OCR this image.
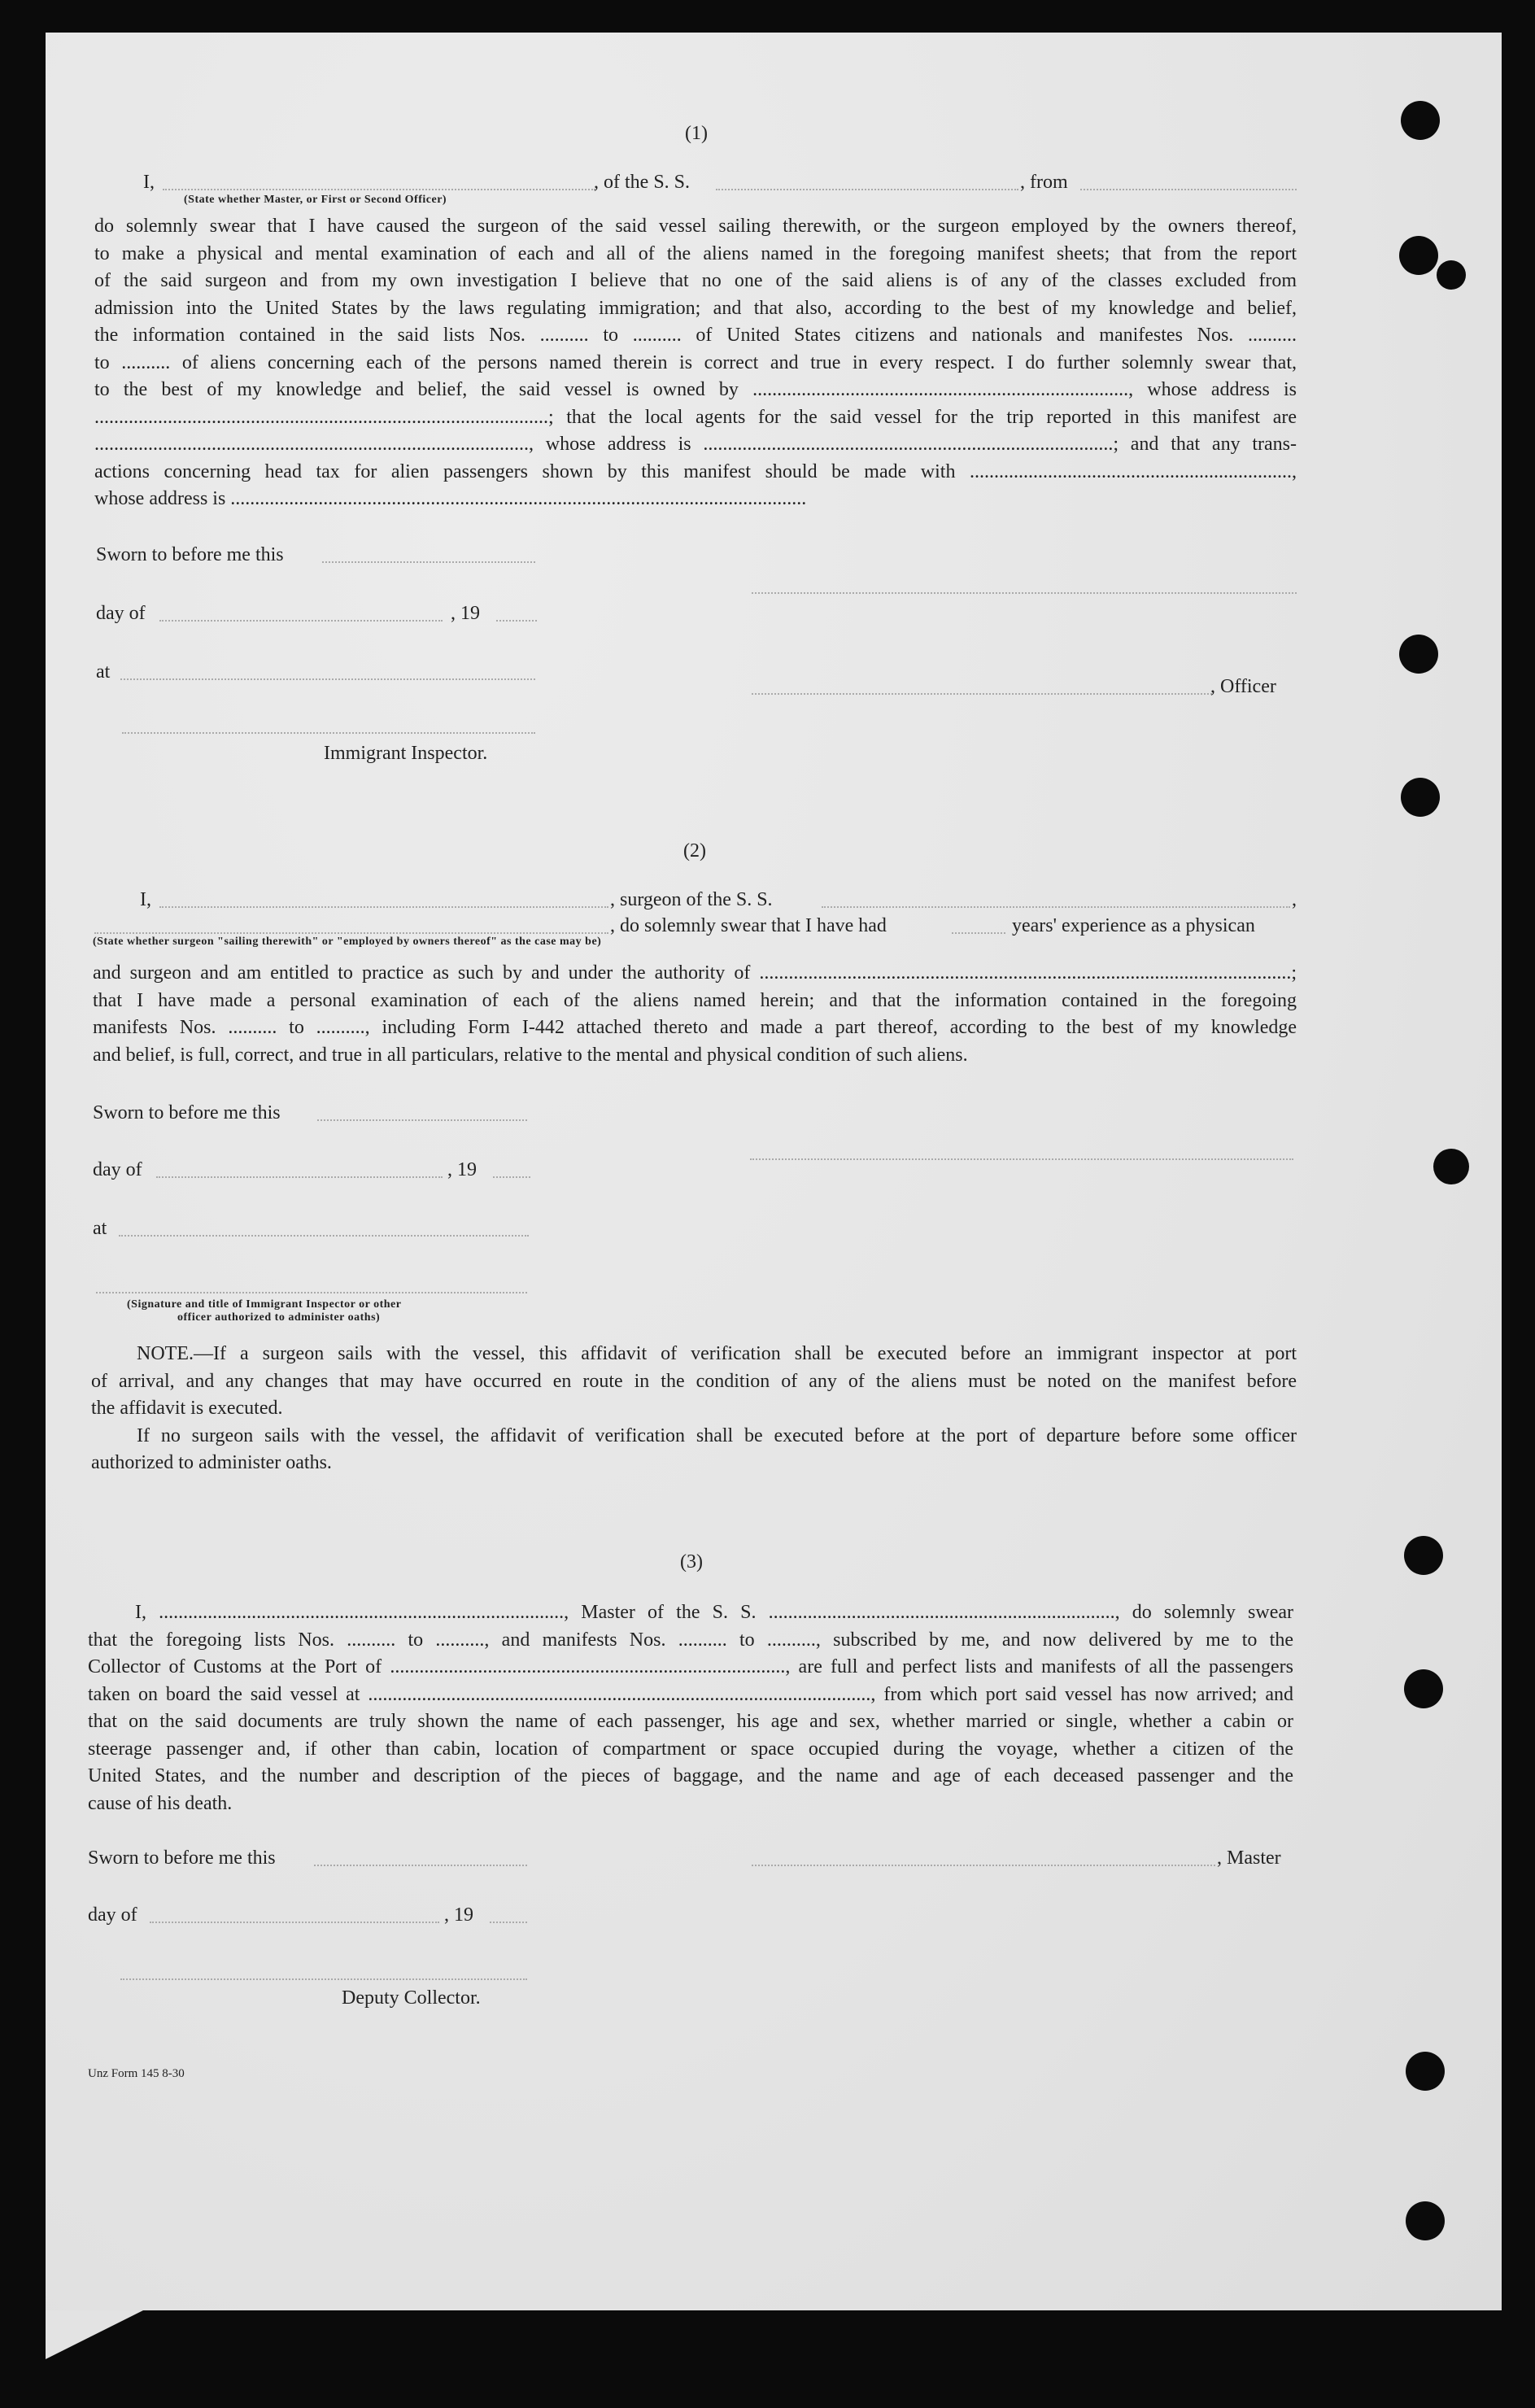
(1)
I,	, of the S. S.	, from
(State whether Master, or First or Second Officer)
do solemnly swear that I have caused the surgeon of the said vessel sailing therewith, or the surgeon employed by the owners thereof,
to make a physical and mental examination of each and all of the aliens named in the foregoing manifest sheets; that from the report
of the said surgeon and from my own investigation I believe that no one of the said aliens is of any of the classes excluded from
admission into the United States by the laws regulating immigration; and that also, according to the best of my knowledge and belief,
the information contained in the said lists Nos. .......... to .......... of United States citizens and nationals and manifestes Nos. ..........
to .......... of aliens concerning each of the persons named therein is correct and true in every respect. I do further solemnly swear that,
to the best of my knowledge and belief, the said vessel is owned by ............................................................................., whose address is
.............................................................................................; that the local agents for the said vessel for the trip reported in this manifest are
........................................................................................., whose address is ....................................................................................; and that any trans-
actions concerning head tax for alien passengers shown by this manifest should be made with ..................................................................,
whose address is ......................................................................................................................
Sworn to before me this
day of	, 19
at
, Officer
Immigrant Inspector.
(2)
I,	, surgeon of the S. S.	,
, do solemnly swear that I have had	years' experience as a physican
(State whether surgeon "sailing therewith" or "employed by owners thereof" as the case may be)
and surgeon and am entitled to practice as such by and under the authority of .............................................................................................................;
that I have made a personal examination of each of the aliens named herein; and that the information contained in the foregoing
manifests Nos. .......... to .........., including Form I-442 attached thereto and made a part thereof, according to the best of my knowledge
and belief, is full, correct, and true in all particulars, relative to the mental and physical condition of such aliens.
Sworn to before me this
day of	, 19
at
(Signature and title of Immigrant Inspector or other
officer authorized to administer oaths)
NOTE.—If a surgeon sails with the vessel, this affidavit of verification shall be executed before an immigrant inspector at port
of arrival, and any changes that may have occurred en route in the condition of any of the aliens must be noted on the manifest before
the affidavit is executed.
If no surgeon sails with the vessel, the affidavit of verification shall be executed before at the port of departure before some officer
authorized to administer oaths.
(3)
I, ..................................................................................., Master of the S. S. ......................................................................., do solemnly swear
that the foregoing lists Nos. .......... to .........., and manifests Nos. .......... to .........., subscribed by me, and now delivered by me to the
Collector of Customs at the Port of ................................................................................., are full and perfect lists and manifests of all the passengers
taken on board the said vessel at ......................................................................................................., from which port said vessel has now arrived; and
that on the said documents are truly shown the name of each passenger, his age and sex, whether married or single, whether a cabin or
steerage passenger and, if other than cabin, location of compartment or space occupied during the voyage, whether a citizen of the
United States, and the number and description of the pieces of baggage, and the name and age of each deceased passenger and the
cause of his death.
Sworn to before me this	, Master
day of	, 19
Deputy Collector.
Unz Form 145 8-30
